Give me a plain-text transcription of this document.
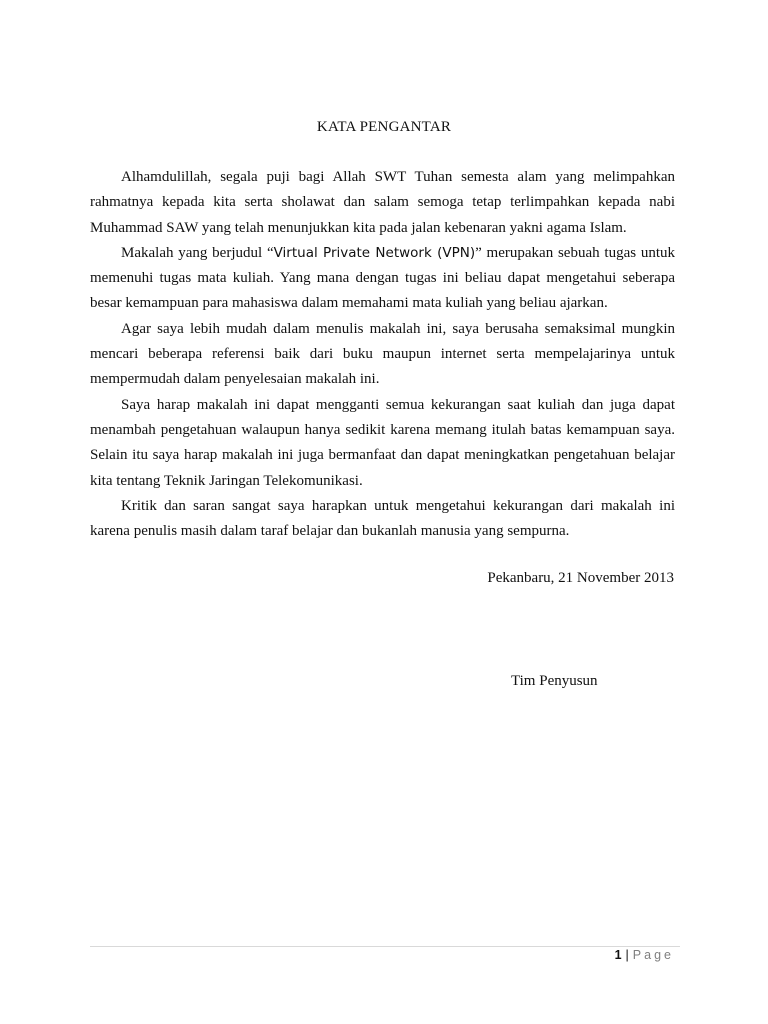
KATA PENGANTAR

Alhamdulillah, segala puji bagi Allah SWT Tuhan semesta alam yang melimpahkan rahmatnya kepada kita serta sholawat dan salam semoga tetap terlimpahkan kepada nabi Muhammad SAW yang telah menunjukkan kita pada jalan kebenaran yakni agama Islam.

Makalah yang berjudul “Virtual Private Network (VPN)” merupakan sebuah tugas untuk memenuhi tugas mata kuliah. Yang mana dengan tugas ini beliau dapat mengetahui seberapa besar kemampuan para mahasiswa dalam memahami mata kuliah yang beliau ajarkan.

Agar saya lebih mudah dalam menulis makalah ini, saya berusaha semaksimal mungkin mencari beberapa referensi baik dari buku maupun internet serta mempelajarinya untuk mempermudah dalam penyelesaian makalah ini.

Saya harap makalah ini dapat mengganti semua kekurangan saat kuliah dan juga dapat menambah pengetahuan walaupun hanya sedikit karena memang itulah batas kemampuan saya. Selain itu saya harap makalah ini juga bermanfaat dan dapat meningkatkan pengetahuan belajar kita tentang Teknik Jaringan Telekomunikasi.

Kritik dan saran sangat saya harapkan untuk mengetahui kekurangan dari makalah ini karena penulis masih dalam taraf belajar dan bukanlah manusia yang sempurna.

Pekanbaru, 21 November 2013
Tim Penyusun
1 | Page
